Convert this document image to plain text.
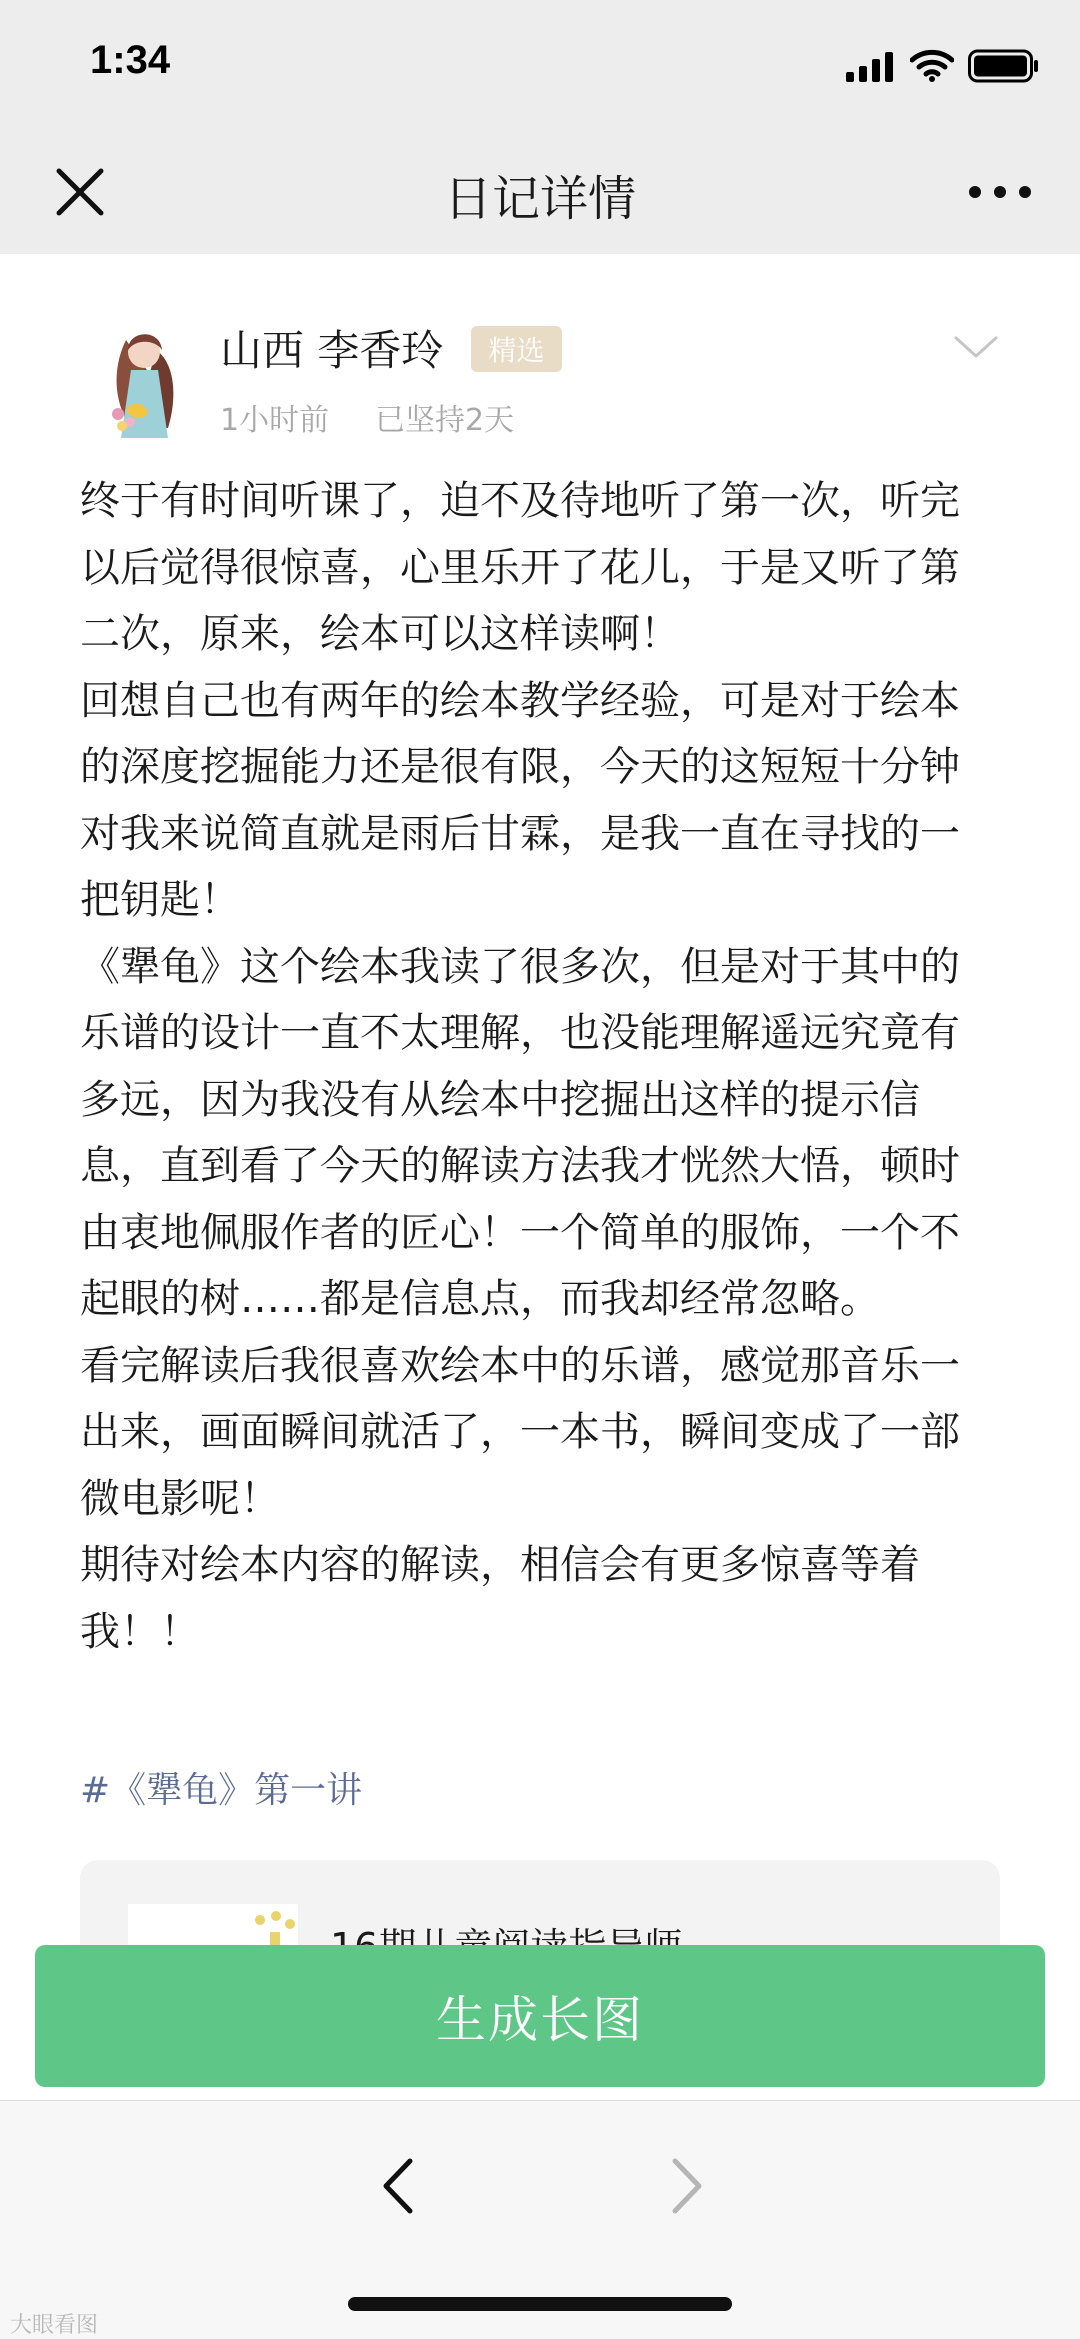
1:34
日记详情
山西 李香玲	精选
1小时前 已坚持2天

终于有时间听课了，迫不及待地听了第一次，听完以后觉得很惊喜，心里乐开了花儿，于是又听了第二次，原来，绘本可以这样读啊！

回想自己也有两年的绘本教学经验，可是对于绘本的深度挖掘能力还是很有限，今天的这短短十分钟对我来说简直就是雨后甘霖，是我一直在寻找的一把钥匙！

《犟龟》这个绘本我读了很多次，但是对于其中的乐谱的设计一直不太理解，也没能理解遥远究竟有多远，因为我没有从绘本中挖掘出这样的提示信息，直到看了今天的解读方法我才恍然大悟，顿时由衷地佩服作者的匠心！一个简单的服饰，一个不起眼的树……都是信息点，而我却经常忽略。

看完解读后我很喜欢绘本中的乐谱，感觉那音乐一出来，画面瞬间就活了，一本书，瞬间变成了一部微电影呢！

期待对绘本内容的解读，相信会有更多惊喜等着我！！

#《犟龟》第一讲
生成长图
大眼看图
